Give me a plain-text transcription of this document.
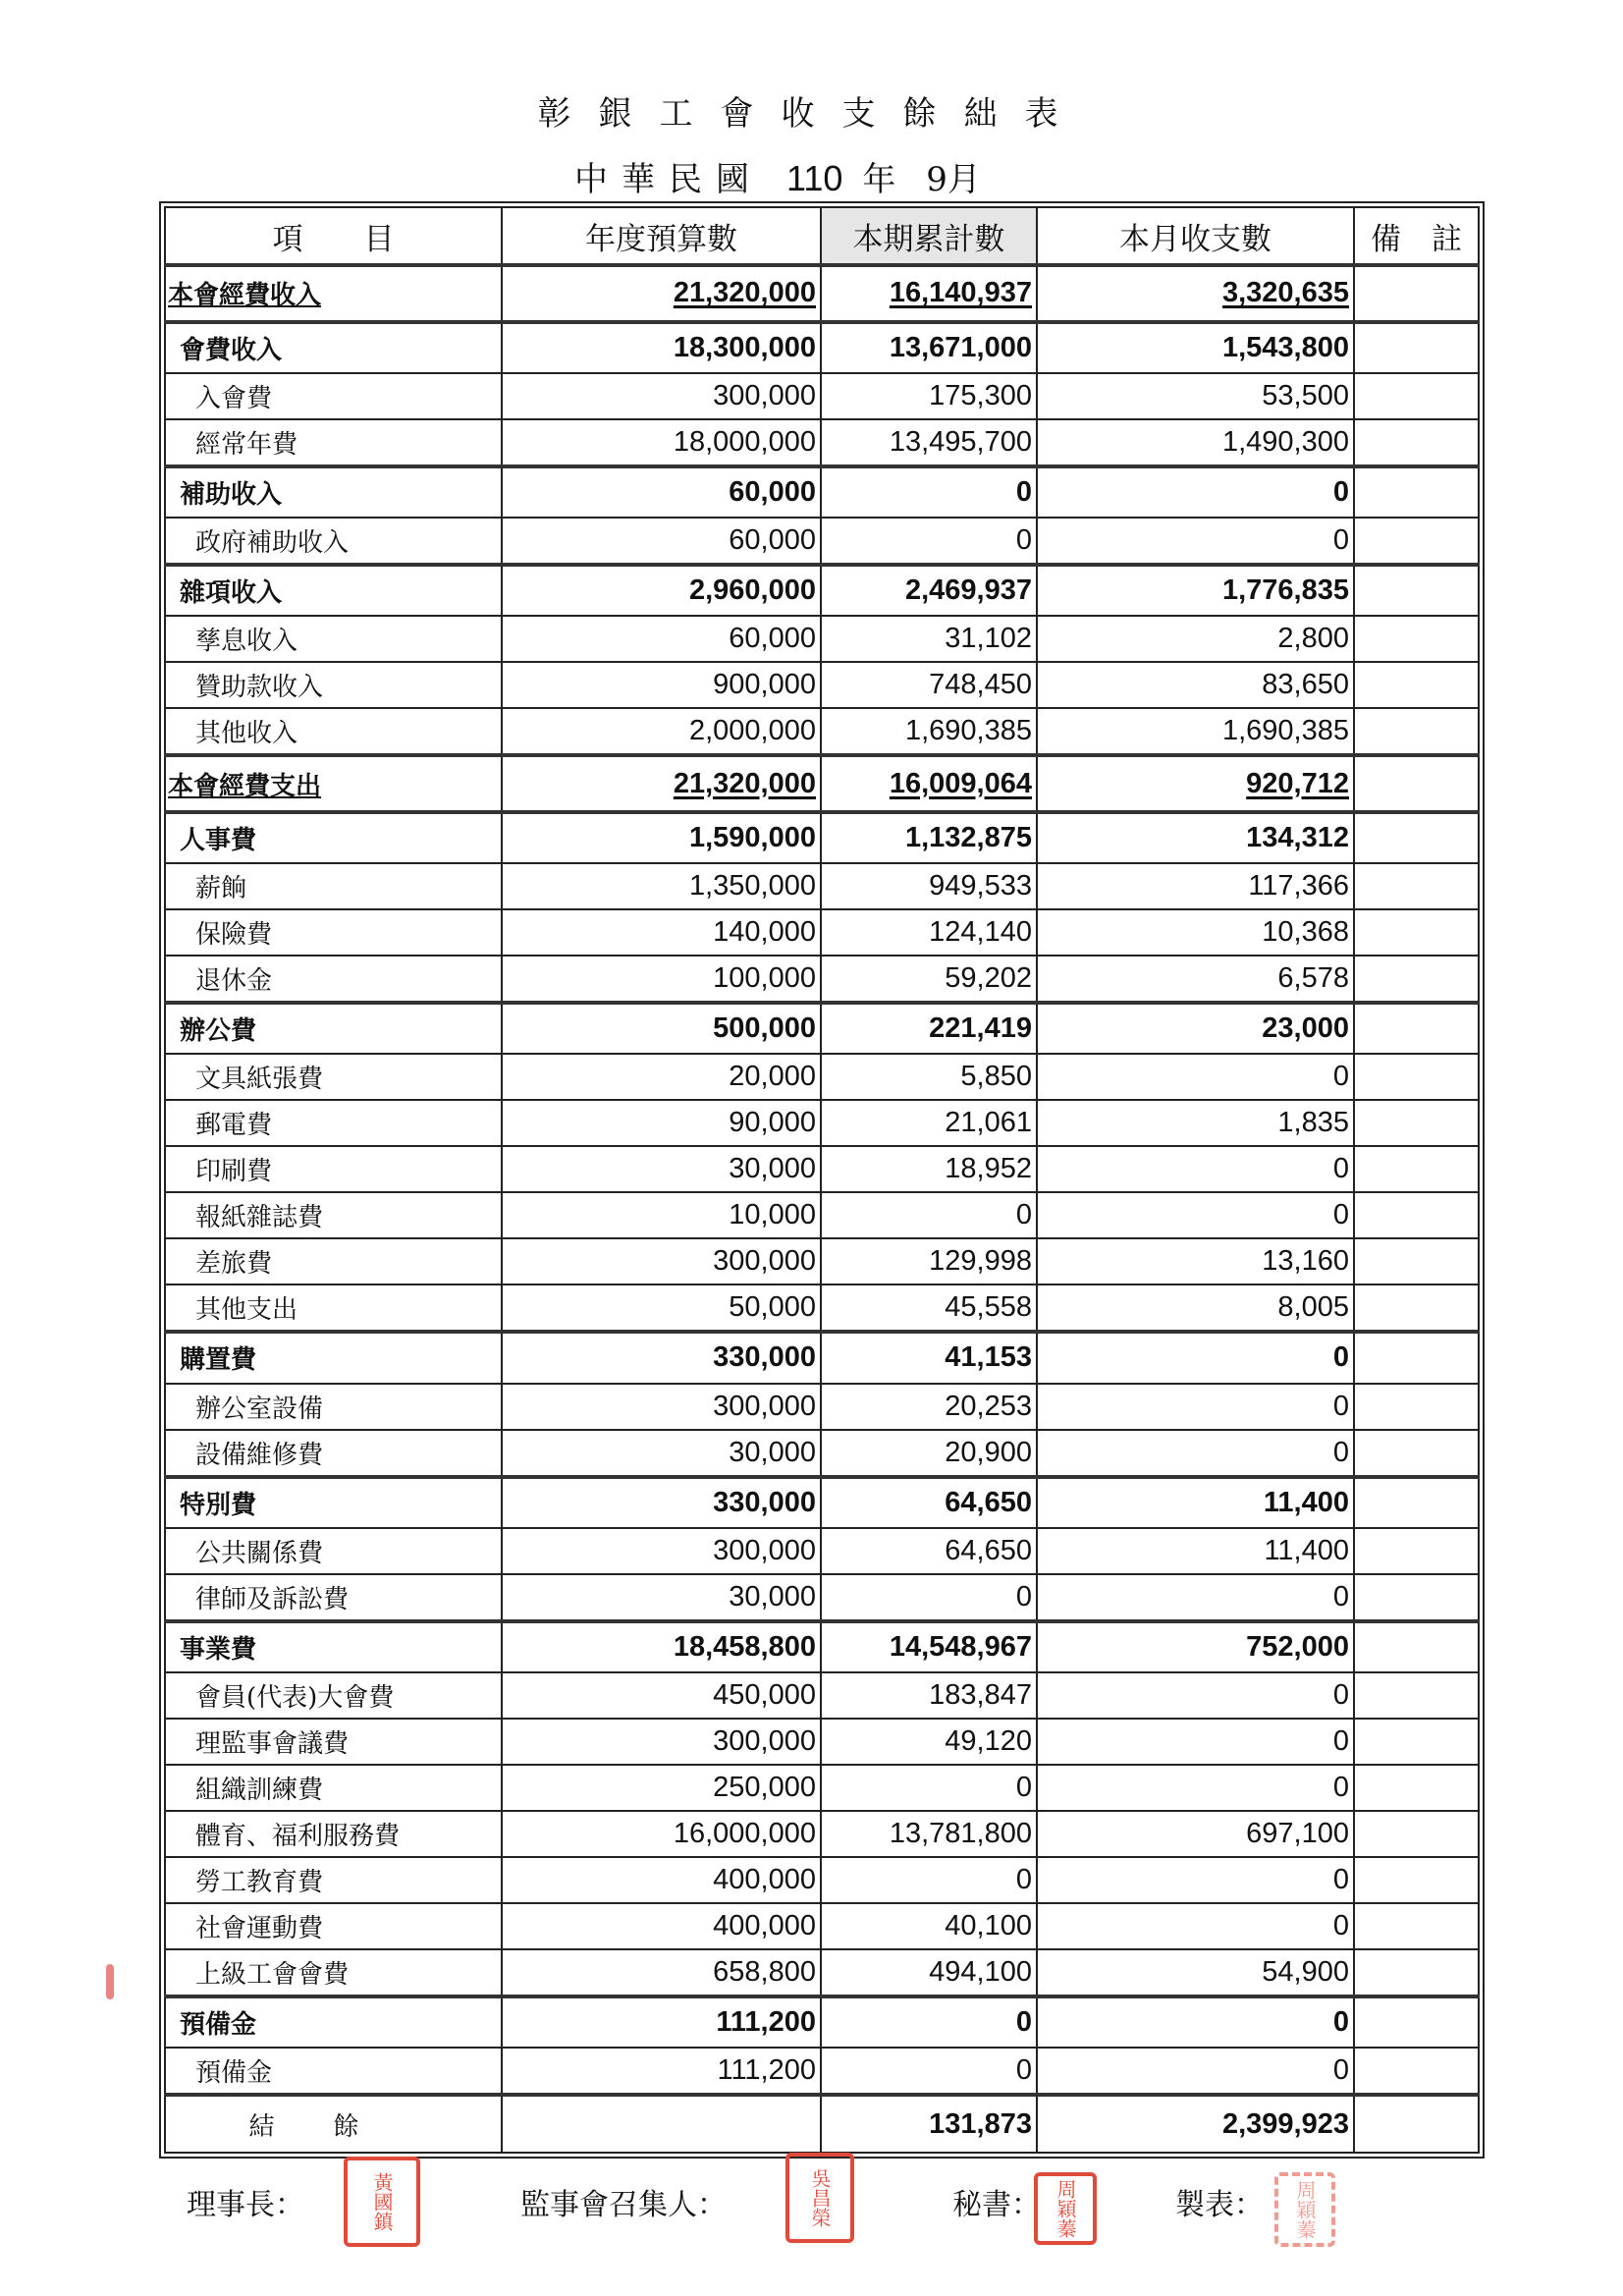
彰銀工會收支餘絀表
中華民國 110 年 9月
項　　目	年度預算數	本期累計數	本月收支數	備　註
本會經費收入	21,320,000	16,140,937	3,320,635	
會費收入	18,300,000	13,671,000	1,543,800	
入會費	300,000	175,300	53,500	
經常年費	18,000,000	13,495,700	1,490,300	
補助收入	60,000	0	0	
政府補助收入	60,000	0	0	
雜項收入	2,960,000	2,469,937	1,776,835	
孳息收入	60,000	31,102	2,800	
贊助款收入	900,000	748,450	83,650	
其他收入	2,000,000	1,690,385	1,690,385	
本會經費支出	21,320,000	16,009,064	920,712	
人事費	1,590,000	1,132,875	134,312	
薪餉	1,350,000	949,533	117,366	
保險費	140,000	124,140	10,368	
退休金	100,000	59,202	6,578	
辦公費	500,000	221,419	23,000	
文具紙張費	20,000	5,850	0	
郵電費	90,000	21,061	1,835	
印刷費	30,000	18,952	0	
報紙雜誌費	10,000	0	0	
差旅費	300,000	129,998	13,160	
其他支出	50,000	45,558	8,005	
購置費	330,000	41,153	0	
辦公室設備	300,000	20,253	0	
設備維修費	30,000	20,900	0	
特別費	330,000	64,650	11,400	
公共關係費	300,000	64,650	11,400	
律師及訴訟費	30,000	0	0	
事業費	18,458,800	14,548,967	752,000	
會員(代表)大會費	450,000	183,847	0	
理監事會議費	300,000	49,120	0	
組織訓練費	250,000	0	0	
體育、福利服務費	16,000,000	13,781,800	697,100	
勞工教育費	400,000	0	0	
社會運動費	400,000	40,100	0	
上級工會會費	658,800	494,100	54,900	
預備金	111,200	0	0	
預備金	111,200	0	0	
結餘		131,873	2,399,923	
理事長：	黃國鎮	監事會召集人：	吳昌榮	秘書： 周穎蓁	製表： 周穎蓁
